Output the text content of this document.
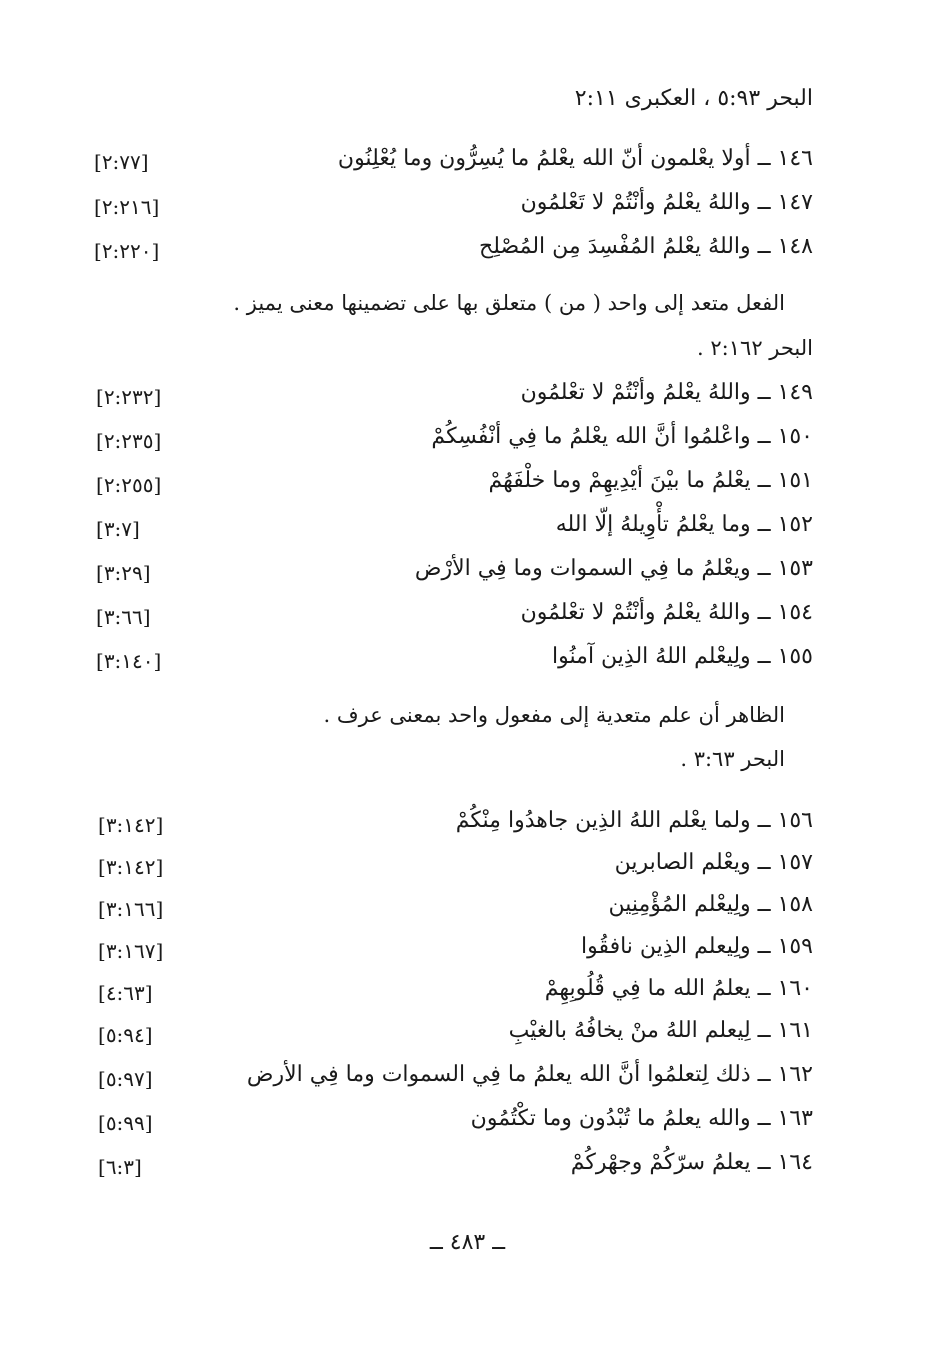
البحر ٥:٩٣ ، العكبرى ٢:١١
١٤٦ ــ أولا يعْلمون أنّ الله يعْلمُ ما يُسِرُّون وما يُعْلِنُون
[٢:٧٧]
١٤٧ ــ واللهُ يعْلمُ وأنْتُمْ لا تَعْلمُون
[٢:٢١٦]
١٤٨ ــ واللهُ يعْلمُ المُفْسِدَ مِن المُصْلِح
[٢:٢٢٠]
الفعل متعد إلى واحد ( من ) متعلق بها على تضمينها معنى يميز .
البحر ٢:١٦٢ .
١٤٩ ــ واللهُ يعْلمُ وأنْتُمْ لا تعْلمُون
[٢:٢٣٢]
١٥٠ ــ واعْلمُوا أنَّ الله يعْلمُ ما فِي أنْفُسِكُمْ
[٢:٢٣٥]
١٥١ ــ يعْلمُ ما بيْنَ أيْدِيهِمْ وما خلْفَهُمْ
[٢:٢٥٥]
١٥٢ ــ وما يعْلمُ تأْوِيلهُ إلّا الله
[٣:٧]
١٥٣ ــ ويعْلمُ ما فِي السموات وما فِي الأرْض
[٣:٢٩]
١٥٤ ــ واللهُ يعْلمُ وأنْتُمْ لا تعْلمُون
[٣:٦٦]
١٥٥ ــ ولِيعْلم اللهُ الذِين آمنُوا
[٣:١٤٠]
الظاهر أن علم متعدية إلى مفعول واحد بمعنى عرف .
البحر ٣:٦٣ .
١٥٦ ــ ولما يعْلم اللهُ الذِين جاهدُوا مِنْكُمْ
[٣:١٤٢]
١٥٧ ــ ويعْلم الصابرين
[٣:١٤٢]
١٥٨ ــ ولِيعْلم المُؤْمِنِين
[٣:١٦٦]
١٥٩ ــ ولِيعلم الذِين نافقُوا
[٣:١٦٧]
١٦٠ ــ يعلمُ الله ما فِي قُلُوبِهِمْ
[٤:٦٣]
١٦١ ــ لِيعلم اللهُ منْ يخافُهُ بالغيْبِ
[٥:٩٤]
١٦٢ ــ ذلك لِتعلمُوا أنَّ الله يعلمُ ما فِي السموات وما فِي الأرض
[٥:٩٧]
١٦٣ ــ والله يعلمُ ما تُبْدُون وما تكْتُمُون
[٥:٩٩]
١٦٤ ــ يعلمُ سرّكُمْ وجهْركُمْ
[٦:٣]
ــ ٤٨٣ ــ
